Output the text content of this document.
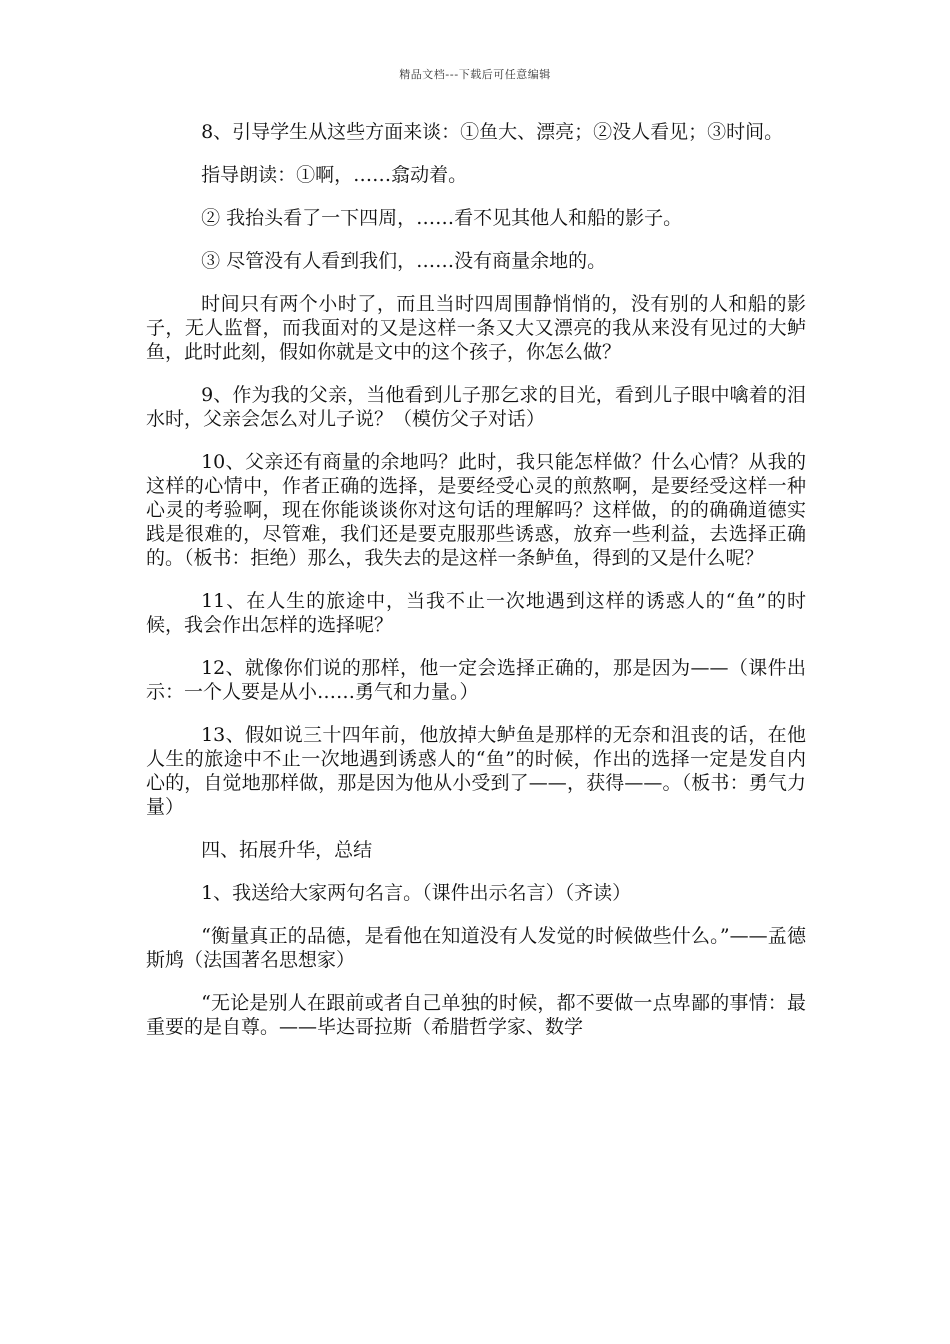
精品文档---下载后可任意编辑

8、引导学生从这些方面来谈：①鱼大、漂亮；②没人看见；③时间。

指导朗读：①啊，……翕动着。

② 我抬头看了一下四周，……看不见其他人和船的影子。

③ 尽管没有人看到我们，……没有商量余地的。

时间只有两个小时了，而且当时四周围静悄悄的，没有别的人和船的影子，无人监督，而我面对的又是这样一条又大又漂亮的我从来没有见过的大鲈鱼，此时此刻，假如你就是文中的这个孩子，你怎么做？

9、作为我的父亲，当他看到儿子那乞求的目光，看到儿子眼中噙着的泪水时，父亲会怎么对儿子说？（模仿父子对话）

10、父亲还有商量的余地吗？此时，我只能怎样做？什么心情？从我的这样的心情中，作者正确的选择，是要经受心灵的煎熬啊，是要经受这样一种心灵的考验啊，现在你能谈谈你对这句话的理解吗？这样做，的的确确道德实践是很难的，尽管难，我们还是要克服那些诱惑，放弃一些利益，去选择正确的。（板书：拒绝）那么，我失去的是这样一条鲈鱼，得到的又是什么呢？

11、在人生的旅途中，当我不止一次地遇到这样的诱惑人的“鱼”的时候，我会作出怎样的选择呢？

12、就像你们说的那样，他一定会选择正确的，那是因为——（课件出示：一个人要是从小……勇气和力量。）

13、假如说三十四年前，他放掉大鲈鱼是那样的无奈和沮丧的话，在他人生的旅途中不止一次地遇到诱惑人的“鱼”的时候，作出的选择一定是发自内心的，自觉地那样做，那是因为他从小受到了——，获得——。（板书：勇气力量）

四、拓展升华，总结

1、我送给大家两句名言。（课件出示名言）（齐读）

“衡量真正的品德，是看他在知道没有人发觉的时候做些什么。”——孟德斯鸠（法国著名思想家）

“无论是别人在跟前或者自己单独的时候，都不要做一点卑鄙的事情：最重要的是自尊。——毕达哥拉斯（希腊哲学家、数学
